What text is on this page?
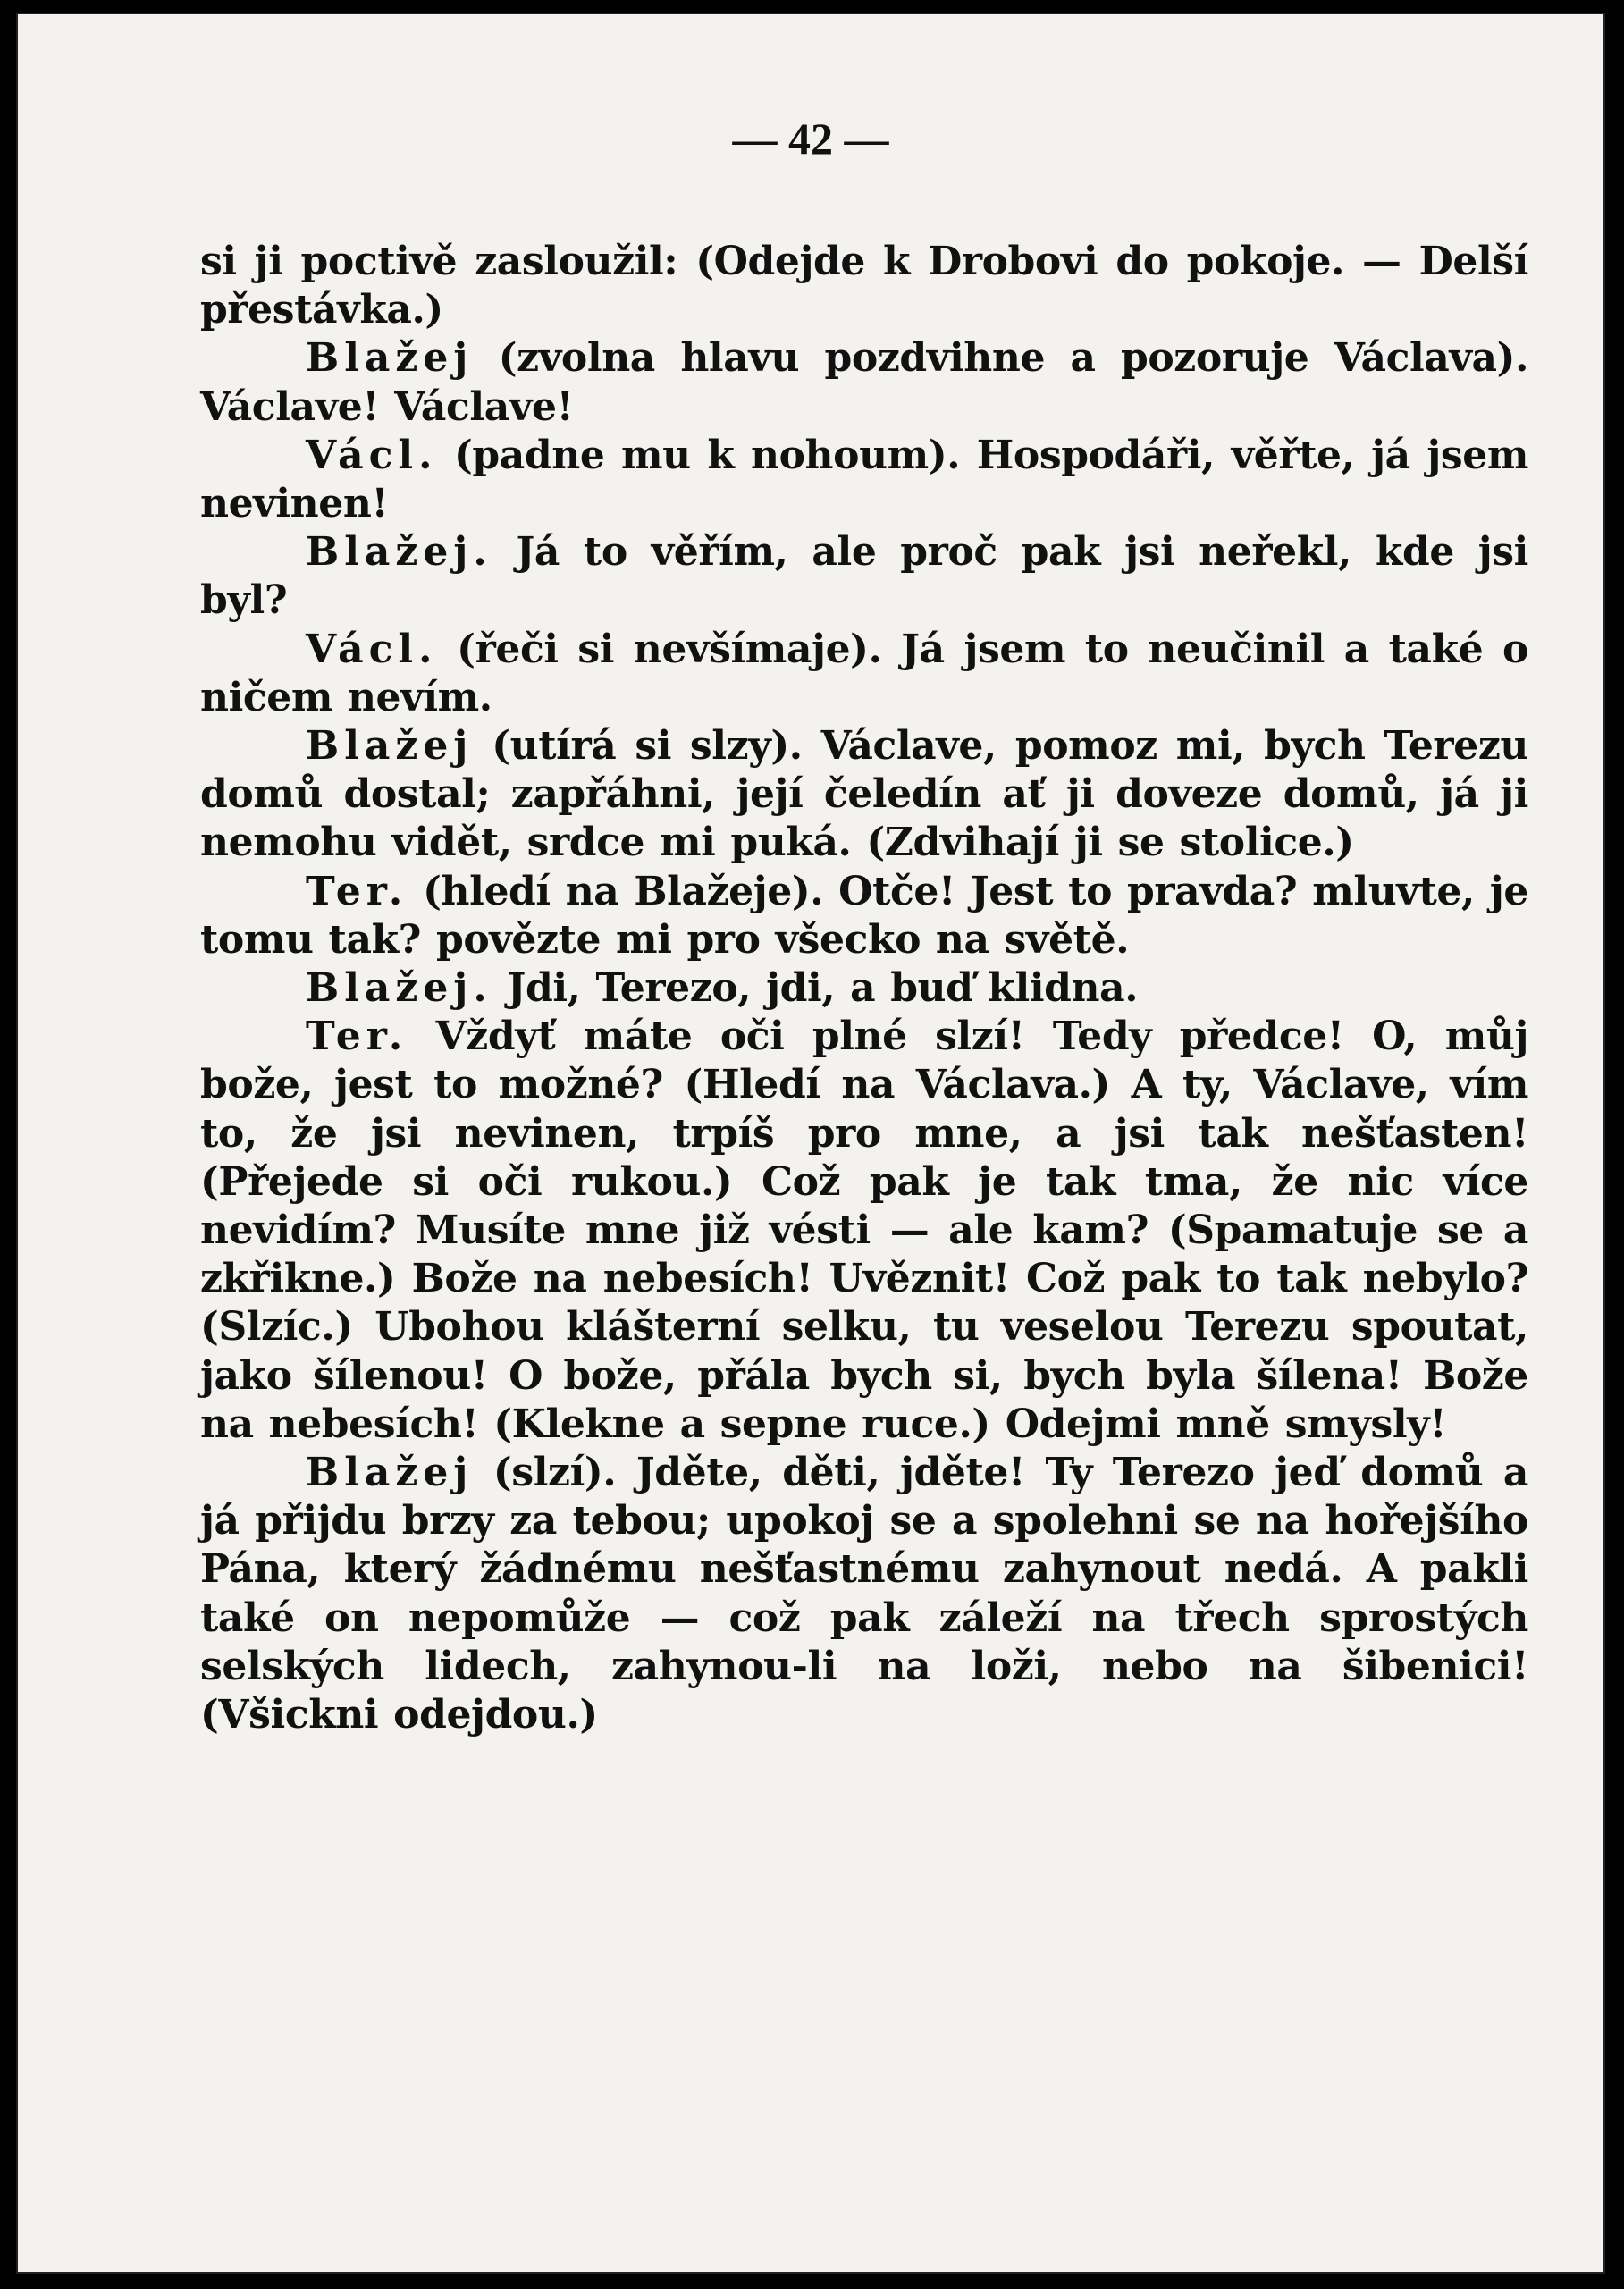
— 42 —

si ji poctivě zasloužil: (Odejde k Drobovi do pokoje. — Delší přestávka.)

Blažej (zvolna hlavu pozdvihne a pozoruje Václava). Václave! Václave!

Václ. (padne mu k nohoum). Hospodáři, věřte, já jsem nevinen!

Blažej. Já to věřím, ale proč pak jsi neřekl, kde jsi byl?

Václ. (řeči si nevšímaje). Já jsem to neučinil a také o ničem nevím.

Blažej (utírá si slzy). Václave, pomoz mi, bych Terezu domů dostal; zapřáhni, její čeledín ať ji doveze domů, já ji nemohu vidět, srdce mi puká. (Zdvihají ji se stolice.)

Ter. (hledí na Blažeje). Otče! Jest to pravda? mluvte, je tomu tak? povězte mi pro všecko na světě.

Blažej. Jdi, Terezo, jdi, a buď klidna.

Ter. Vždyť máte oči plné slzí! Tedy předce! O, můj bože, jest to možné? (Hledí na Václava.) A ty, Václave, vím to, že jsi nevinen, trpíš pro mne, a jsi tak nešťasten! (Přejede si oči rukou.) Což pak je tak tma, že nic více nevidím? Musíte mne již vésti — ale kam? (Spamatuje se a zkřikne.) Bože na nebesích! Uvěznit! Což pak to tak nebylo? (Slzíc.) Ubohou klášterní selku, tu veselou Terezu spoutat, jako šílenou! O bože, přála bych si, bych byla šílena! Bože na nebesích! (Klekne a sepne ruce.) Odejmi mně smysly!

Blažej (slzí). Jděte, děti, jděte! Ty Terezo jeď domů a já přijdu brzy za tebou; upokoj se a spolehni se na hořejšího Pána, který žádnému nešťastnému zahynout nedá. A pakli také on nepomůže — což pak záleží na třech sprostých selských lidech, zahynou-li na loži, nebo na šibenici! (Všickni odejdou.)
